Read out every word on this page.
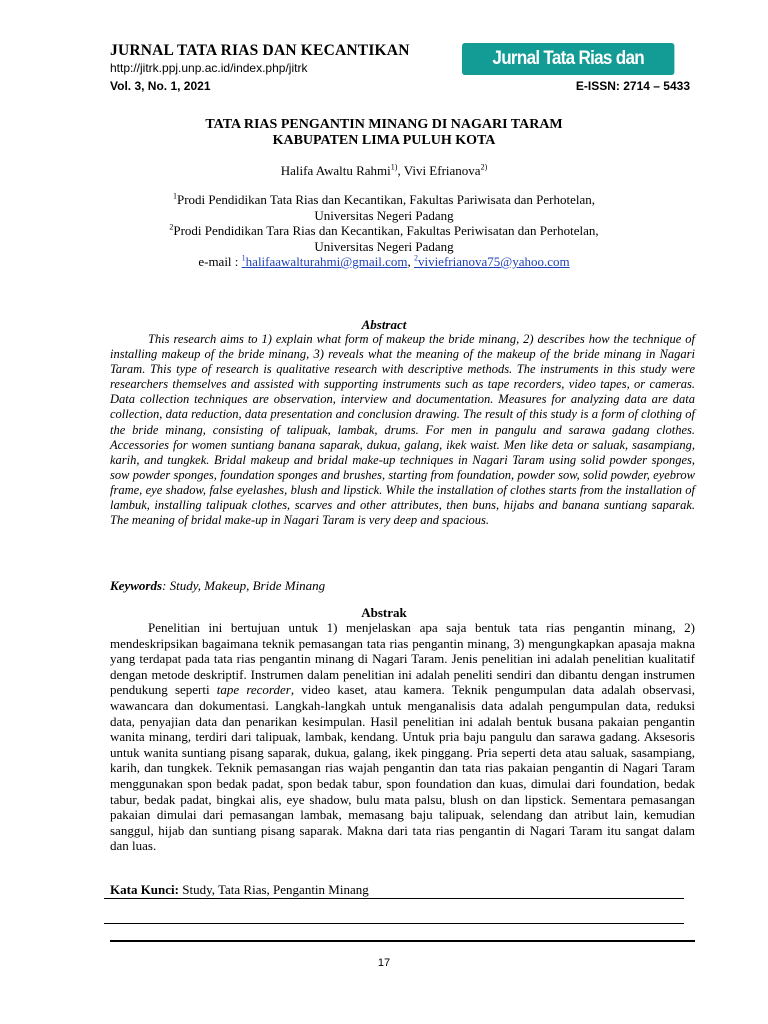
JURNAL TATA RIAS DAN KECANTIKAN
http://jitrk.ppj.unp.ac.id/index.php/jitrk
Vol. 3, No. 1, 2021
Jurnal Tata Rias dan Kecantikan
E-ISSN: 2714 – 5433
TATA RIAS PENGANTIN MINANG DI NAGARI TARAM
KABUPATEN LIMA PULUH KOTA
Halifa Awaltu Rahmi$^{1)}$, Vivi Efrianova$^{2)}$
$^1$Prodi Pendidikan Tata Rias dan Kecantikan, Fakultas Pariwisata dan Perhotelan,
Universitas Negeri Padang
$^2$Prodi Pendidikan Tara Rias dan Kecantikan, Fakultas Periwisatan dan Perhotelan,
Universitas Negeri Padang
e-mail : $^1$halifaawalturahmi@gmail.com, $^2$viviefrianova75@yahoo.com
Abstract
This research aims to 1) explain what form of makeup the bride minang, 2) describes how the technique of installing makeup of the bride minang, 3) reveals what the meaning of the makeup of the bride minang in Nagari Taram. This type of research is qualitative research with descriptive methods. The instruments in this study were researchers themselves and assisted with supporting instruments such as tape recorders, video tapes, or cameras. Data collection techniques are observation, interview and documentation. Measures for analyzing data are data collection, data reduction, data presentation and conclusion drawing. The result of this study is a form of clothing of the bride minang, consisting of talipuak, lambak, drums. For men in pangulu and sarawa gadang clothes. Accessories for women suntiang banana saparak, dukua, galang, ikek waist. Men like deta or saluak, sasampiang, karih, and tungkek. Bridal makeup and bridal make-up techniques in Nagari Taram using solid powder sponges, sow powder sponges, foundation sponges and brushes, starting from foundation, powder sow, solid powder, eyebrow frame, eye shadow, false eyelashes, blush and lipstick. While the installation of clothes starts from the installation of lambuk, installing talipuak clothes, scarves and other attributes, then buns, hijabs and banana suntiang saparak. The meaning of bridal make-up in Nagari Taram is very deep and spacious.
Keywords: Study, Makeup, Bride Minang
Abstrak
Penelitian ini bertujuan untuk 1) menjelaskan apa saja bentuk tata rias pengantin minang, 2) mendeskripsikan bagaimana teknik pemasangan tata rias pengantin minang, 3) mengungkapkan apasaja makna yang terdapat pada tata rias pengantin minang di Nagari Taram. Jenis penelitian ini adalah penelitian kualitatif dengan metode deskriptif. Instrumen dalam penelitian ini adalah peneliti sendiri dan dibantu dengan instrumen pendukung seperti tape recorder, video kaset, atau kamera. Teknik pengumpulan data adalah observasi, wawancara dan dokumentasi. Langkah-langkah untuk menganalisis data adalah pengumpulan data, reduksi data, penyajian data dan penarikan kesimpulan. Hasil penelitian ini adalah bentuk busana pakaian pengantin wanita minang, terdiri dari talipuak, lambak, kendang. Untuk pria baju pangulu dan sarawa gadang. Aksesoris untuk wanita suntiang pisang saparak, dukua, galang, ikek pinggang. Pria seperti deta atau saluak, sasampiang, karih, dan tungkek. Teknik pemasangan rias wajah pengantin dan tata rias pakaian pengantin di Nagari Taram menggunakan spon bedak padat, spon bedak tabur, spon foundation dan kuas, dimulai dari foundation, bedak tabur, bedak padat, bingkai alis, eye shadow, bulu mata palsu, blush on dan lipstick. Sementara pemasangan pakaian dimulai dari pemasangan lambak, memasang baju talipuak, selendang dan atribut lain, kemudian sanggul, hijab dan suntiang pisang saparak. Makna dari tata rias pengantin di Nagari Taram itu sangat dalam dan luas.
Kata Kunci: Study, Tata Rias, Pengantin Minang
17
